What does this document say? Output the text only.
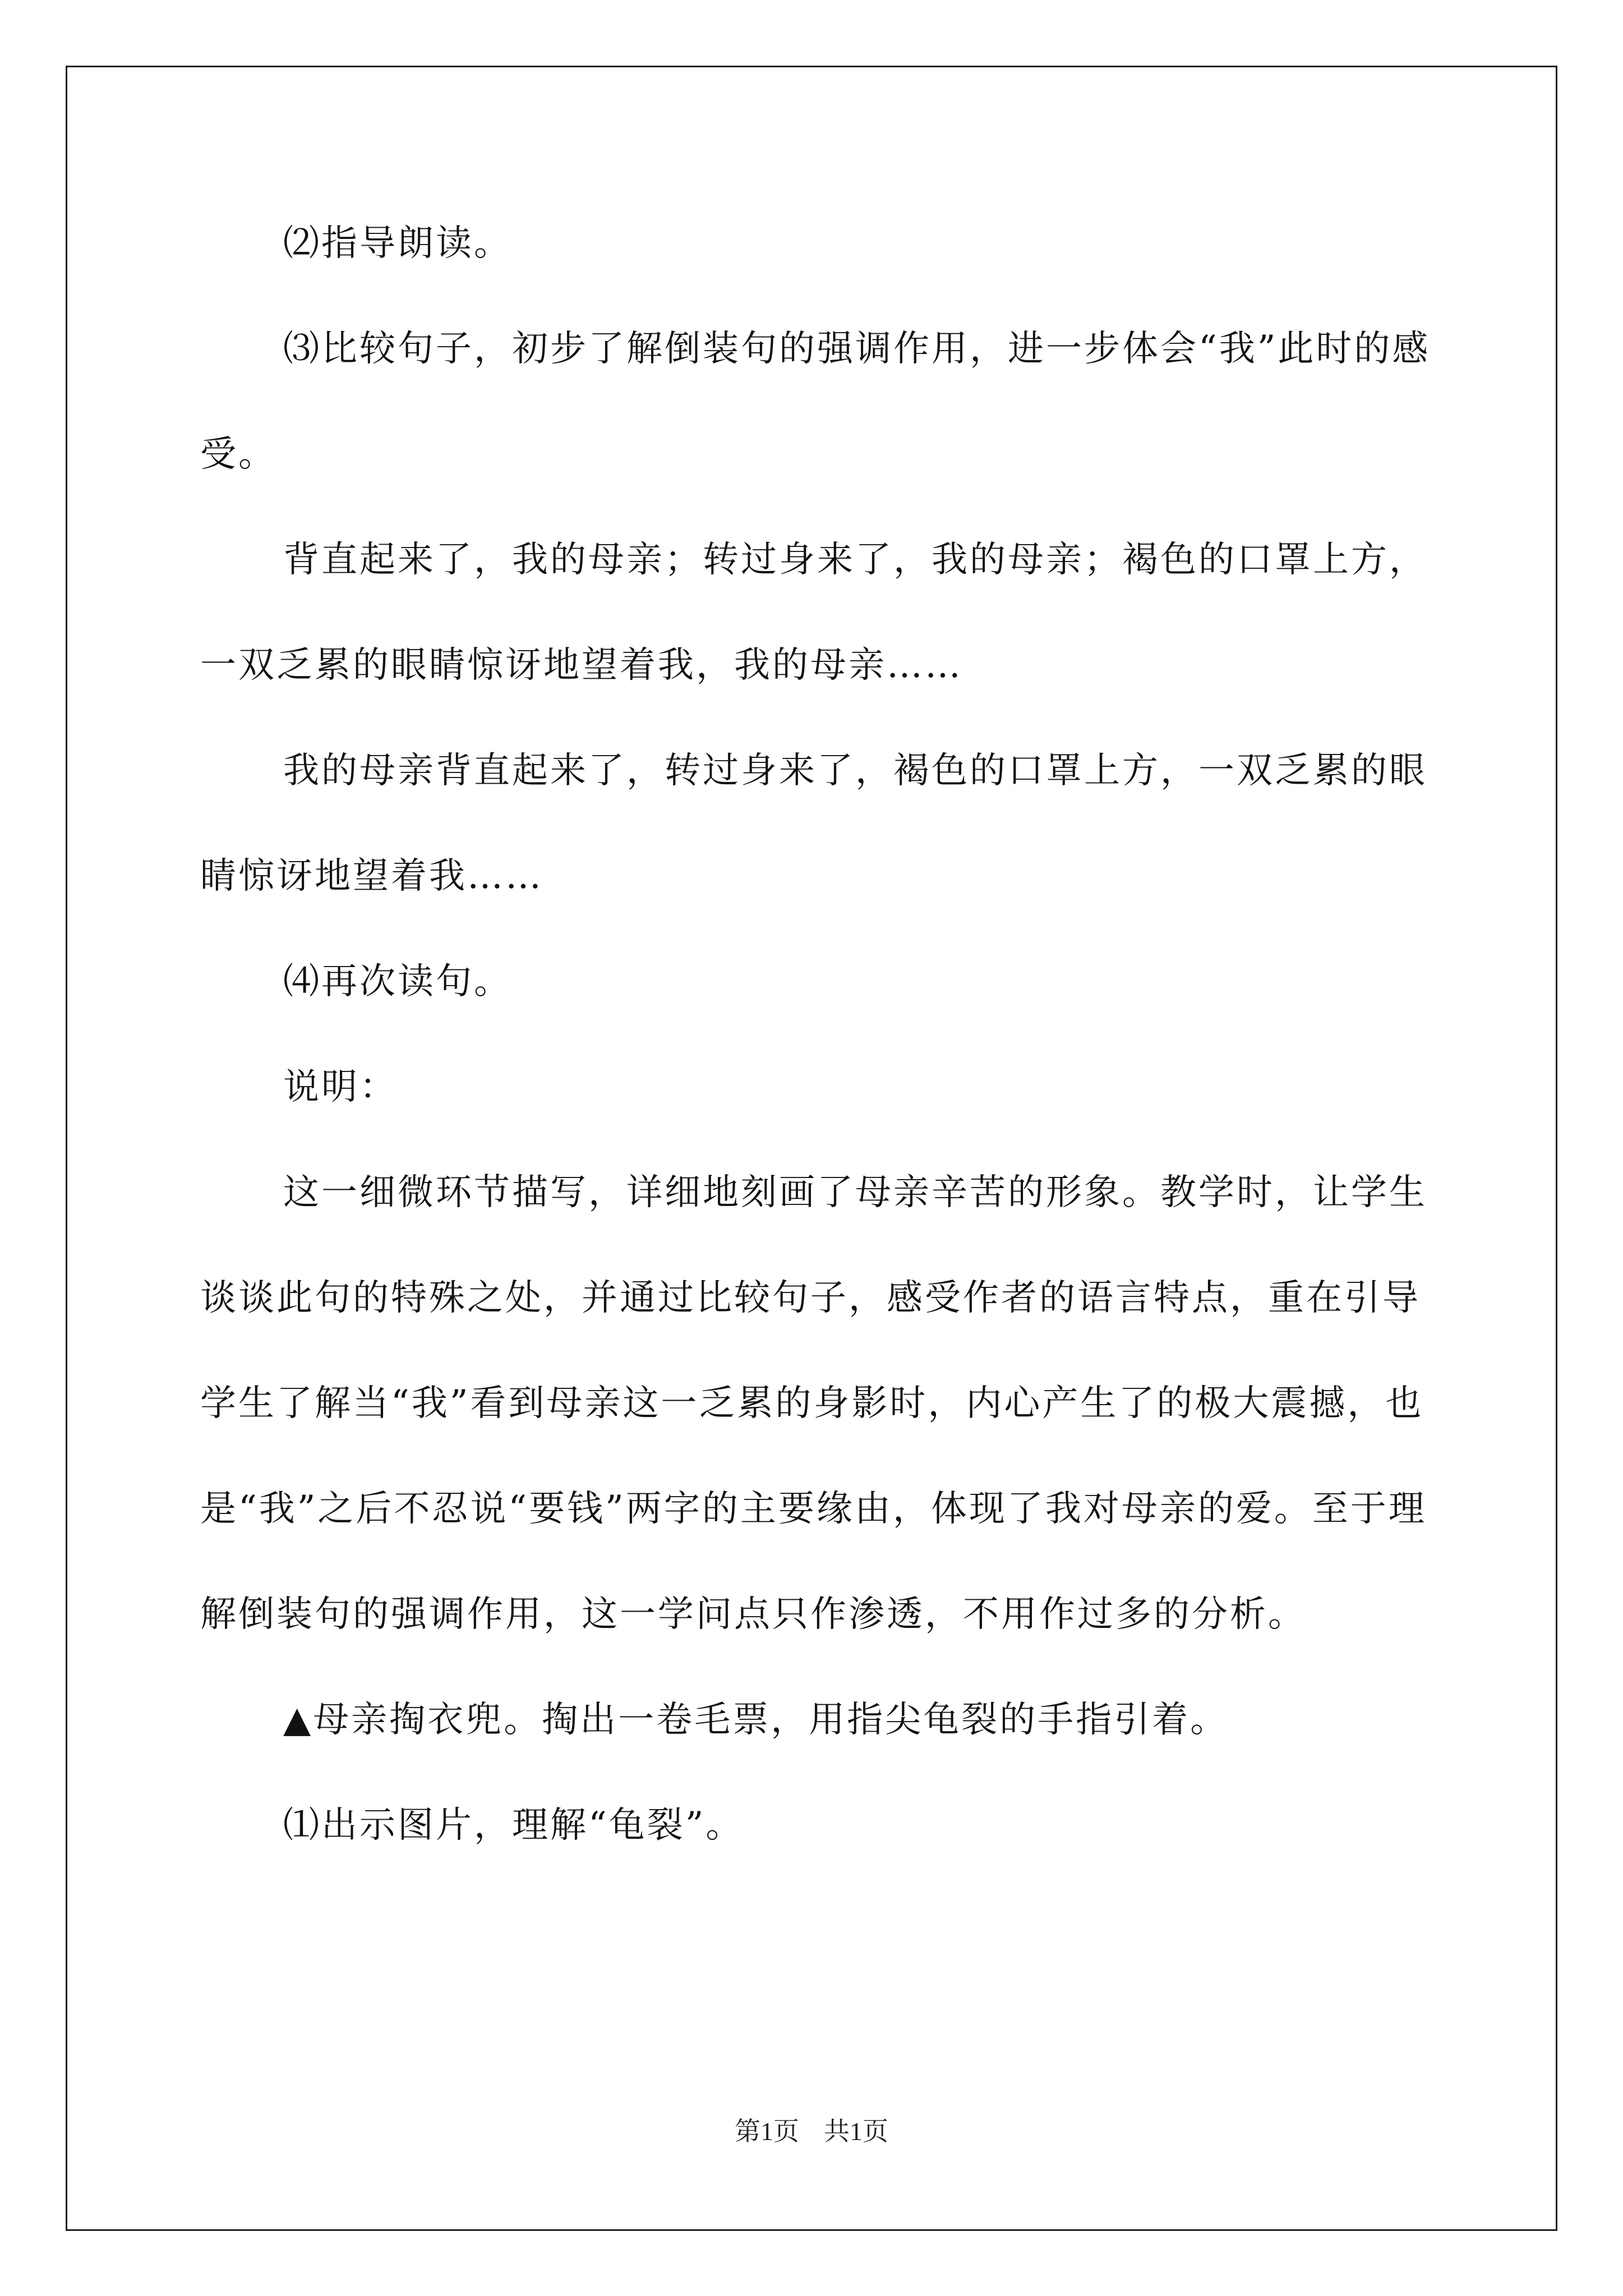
⑵指导朗读。

⑶比较句子，初步了解倒装句的强调作用，进一步体会“我”此时的感受。

背直起来了，我的母亲；转过身来了，我的母亲；褐色的口罩上方，一双乏累的眼睛惊讶地望着我，我的母亲……

我的母亲背直起来了，转过身来了，褐色的口罩上方，一双乏累的眼睛惊讶地望着我……

⑷再次读句。

说明：

这一细微环节描写，详细地刻画了母亲辛苦的形象。教学时，让学生谈谈此句的特殊之处，并通过比较句子，感受作者的语言特点，重在引导学生了解当“我”看到母亲这一乏累的身影时，内心产生了的极大震撼，也是“我”之后不忍说“要钱”两字的主要缘由，体现了我对母亲的爱。至于理解倒装句的强调作用，这一学问点只作渗透，不用作过多的分析。

▲母亲掏衣兜。掏出一卷毛票，用指尖龟裂的手指引着。

⑴出示图片，理解“龟裂”。

第1页 共1页
